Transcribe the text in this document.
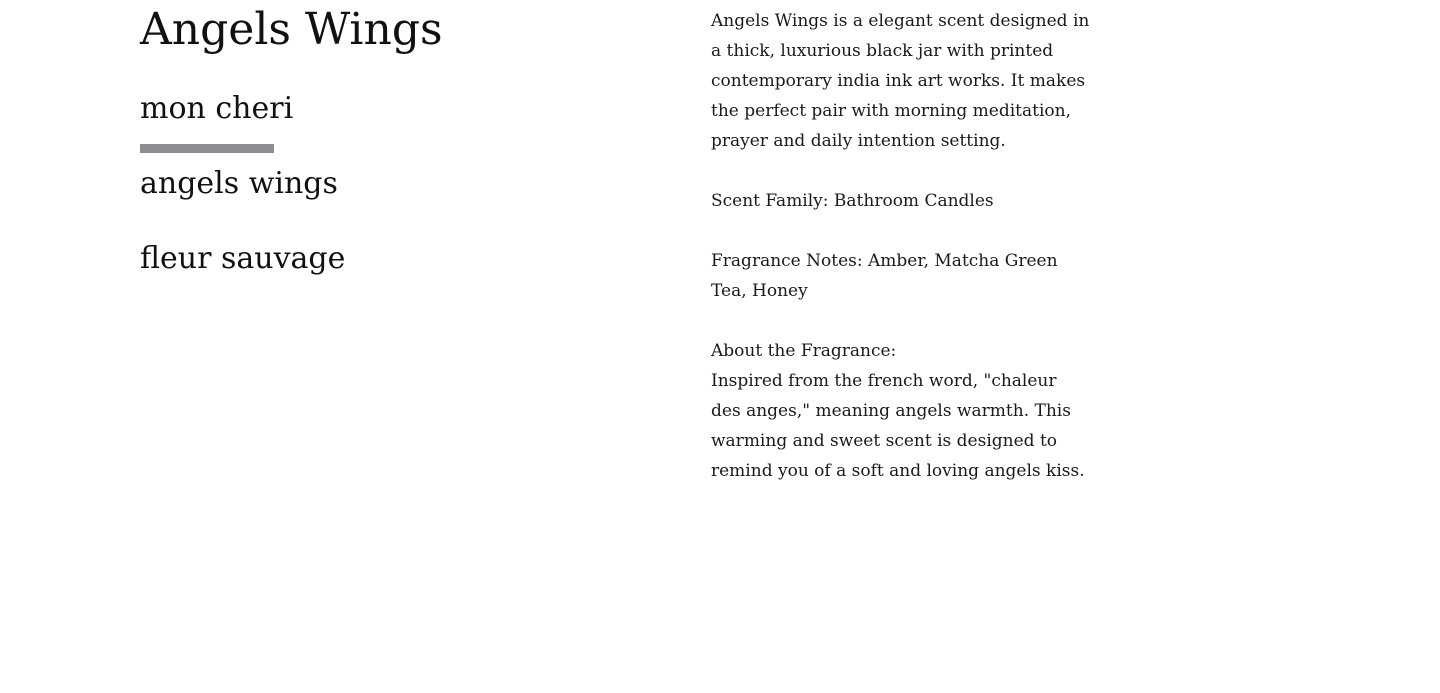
Angels Wings
mon cheri
angels wings
fleur sauvage

Angels Wings is a elegant scent designed in a thick, luxurious black jar with printed contemporary india ink art works. It makes the perfect pair with morning meditation, prayer and daily intention setting.

Scent Family: Bathroom Candles

Fragrance Notes: Amber, Matcha Green Tea, Honey

About the Fragrance:

Inspired from the french word, "chaleur des anges," meaning angels warmth. This warming and sweet scent is designed to remind you of a soft and loving angels kiss.
